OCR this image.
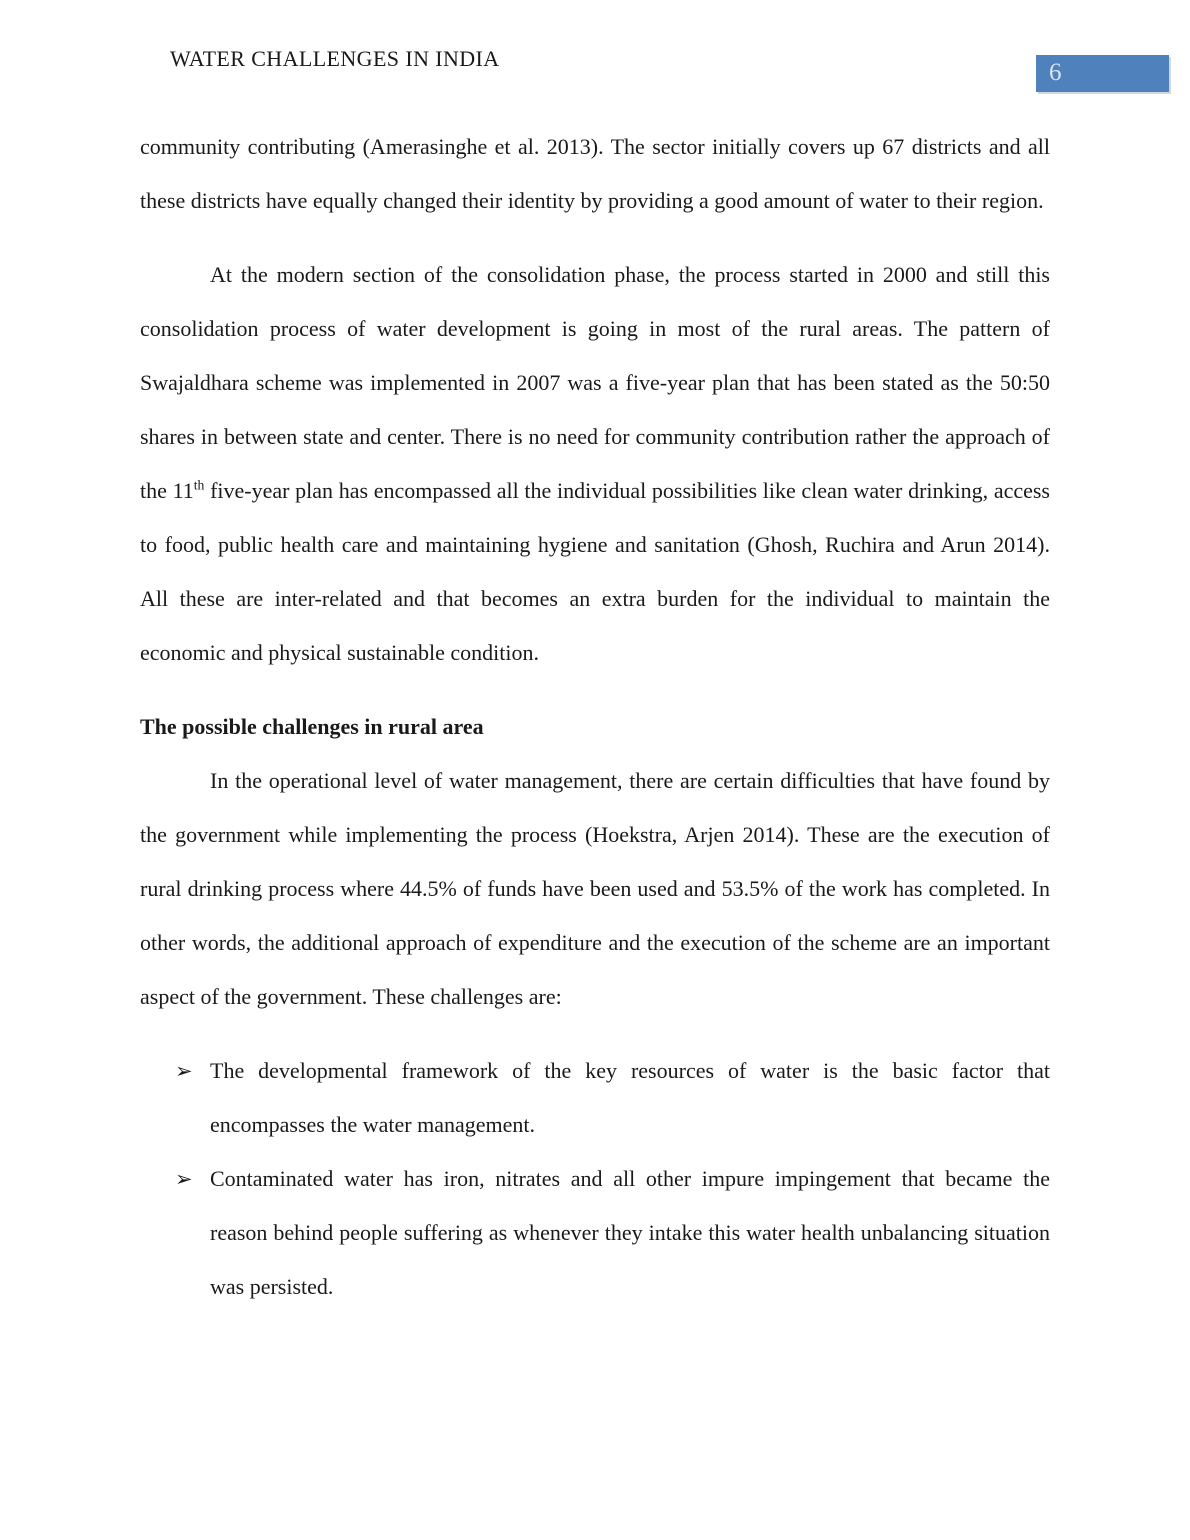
WATER CHALLENGES IN INDIA
6

community contributing (Amerasinghe et al. 2013). The sector initially covers up 67 districts and all these districts have equally changed their identity by providing a good amount of water to their region.

At the modern section of the consolidation phase, the process started in 2000 and still this consolidation process of water development is going in most of the rural areas. The pattern of Swajaldhara scheme was implemented in 2007 was a five-year plan that has been stated as the 50:50 shares in between state and center. There is no need for community contribution rather the approach of the 11th five-year plan has encompassed all the individual possibilities like clean water drinking, access to food, public health care and maintaining hygiene and sanitation (Ghosh, Ruchira and Arun 2014). All these are inter-related and that becomes an extra burden for the individual to maintain the economic and physical sustainable condition.

The possible challenges in rural area

In the operational level of water management, there are certain difficulties that have found by the government while implementing the process (Hoekstra, Arjen 2014). These are the execution of rural drinking process where 44.5% of funds have been used and 53.5% of the work has completed. In other words, the additional approach of expenditure and the execution of the scheme are an important aspect of the government. These challenges are:

➢ The developmental framework of the key resources of water is the basic factor that encompasses the water management.
➢ Contaminated water has iron, nitrates and all other impure impingement that became the reason behind people suffering as whenever they intake this water health unbalancing situation was persisted.
